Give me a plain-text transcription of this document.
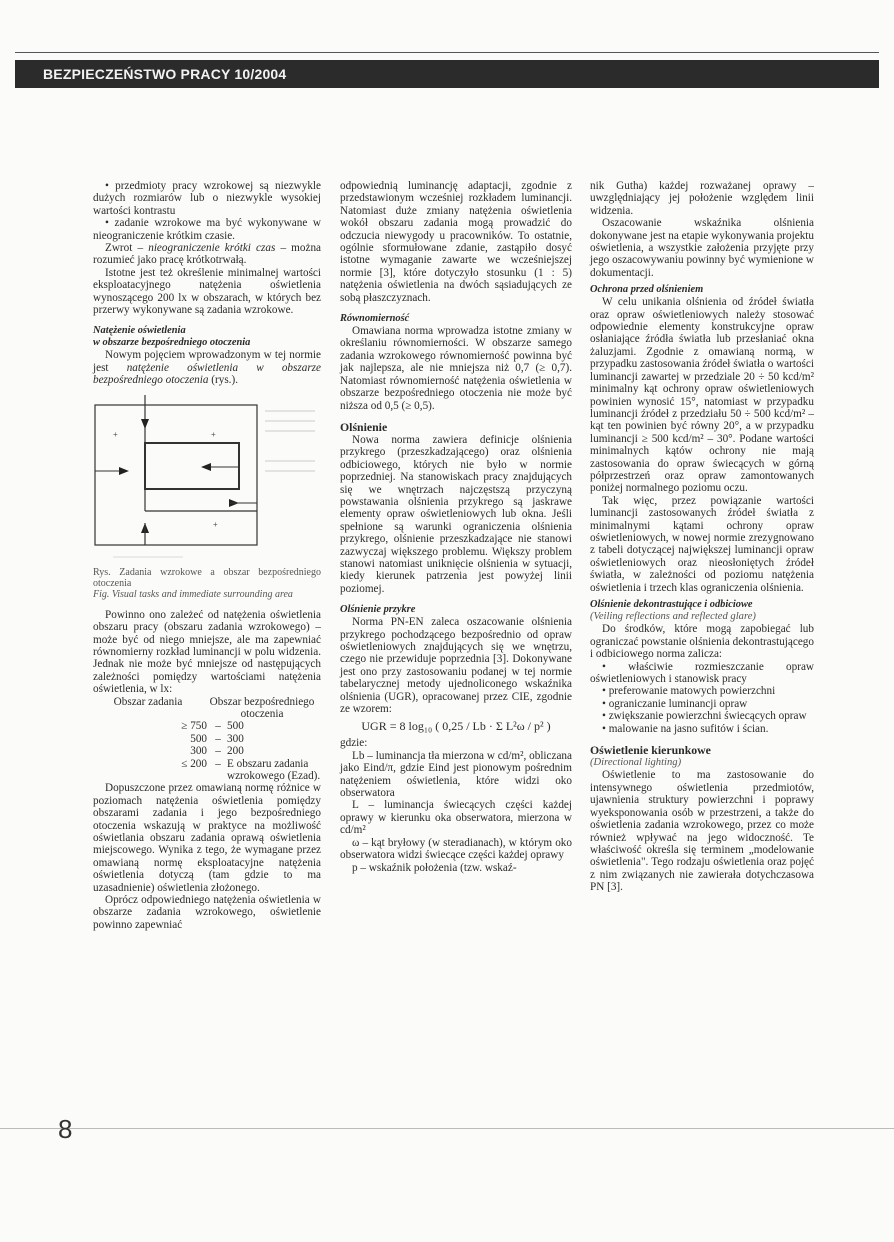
BEZPIECZEŃSTWO PRACY 10/2004

• przedmioty pracy wzrokowej są niezwykle dużych rozmiarów lub o niezwykle wysokiej wartości kontrastu

• zadanie wzrokowe ma być wykonywane w nieograniczenie krótkim czasie.

Zwrot – nieograniczenie krótki czas – można rozumieć jako pracę krótkotrwałą.

Istotne jest też określenie minimalnej wartości eksploatacyjnego natężenia oświetlenia wynoszącego 200 lx w obszarach, w których bez przerwy wykonywane są zadania wzrokowe.

Natężenie oświetlenia

w obszarze bezpośredniego otoczenia

Nowym pojęciem wprowadzonym w tej normie jest natężenie oświetlenia w obszarze bezpośredniego otoczenia (rys.).

+	+
+

Rys. Zadania wzrokowe a obszar bezpośredniego otoczenia

Fig. Visual tasks and immediate surrounding area

Powinno ono zależeć od natężenia oświetlenia obszaru pracy (obszaru zadania wzrokowego) – może być od niego mniejsze, ale ma zapewniać równomierny rozkład luminancji w polu widzenia. Jednak nie może być mniejsze od następujących zależności pomiędzy wartościami natężenia oświetlenia, w lx:

Obszar zadania	Obszar bezpośredniego otoczenia
≥ 750 – 500
500 – 300
300 – 200
≤ 200 – E obszaru zadania wzrokowego (Ezad).

Dopuszczone przez omawianą normę różnice w poziomach natężenia oświetlenia pomiędzy obszarami zadania i jego bezpośredniego otoczenia wskazują w praktyce na możliwość oświetlania obszaru zadania oprawą oświetlenia miejscowego. Wynika z tego, że wymagane przez omawianą normę eksploatacyjne natężenia oświetlenia dotyczą (tam gdzie to ma uzasadnienie) oświetlenia złożonego.

Oprócz odpowiedniego natężenia oświetlenia w obszarze zadania wzrokowego, oświetlenie powinno zapewniać

odpowiednią luminancję adaptacji, zgodnie z przedstawionym wcześniej rozkładem luminancji. Natomiast duże zmiany natężenia oświetlenia wokół obszaru zadania mogą prowadzić do odczucia niewygody u pracowników. To ostatnie, ogólnie sformułowane zdanie, zastąpiło dosyć istotne wymaganie zawarte we wcześniejszej normie [3], które dotyczyło stosunku (1 : 5) natężenia oświetlenia na dwóch sąsiadujących ze sobą płaszczyznach.

Równomierność

Omawiana norma wprowadza istotne zmiany w określaniu równomierności. W obszarze samego zadania wzrokowego równomierność powinna być jak najlepsza, ale nie mniejsza niż 0,7 (≥ 0,7). Natomiast równomierność natężenia oświetlenia w obszarze bezpośredniego otoczenia nie może być niższa od 0,5 (≥ 0,5).

Olśnienie

Nowa norma zawiera definicje olśnienia przykrego (przeszkadzającego) oraz olśnienia odbiciowego, których nie było w normie poprzedniej. Na stanowiskach pracy znajdujących się we wnętrzach najczęstszą przyczyną powstawania olśnienia przykrego są jaskrawe elementy opraw oświetleniowych lub okna. Jeśli spełnione są warunki ograniczenia olśnienia przykrego, olśnienie przeszkadzające nie stanowi zazwyczaj większego problemu. Większy problem stanowi natomiast uniknięcie olśnienia w sytuacji, kiedy kierunek patrzenia jest powyżej linii poziomej.

Olśnienie przykre

Norma PN-EN zaleca oszacowanie olśnienia przykrego pochodzącego bezpośrednio od opraw oświetleniowych znajdujących się we wnętrzu, czego nie przewiduje poprzednia [3]. Dokonywane jest ono przy zastosowaniu podanej w tej normie tabelarycznej metody ujednoliconego wskaźnika olśnienia (UGR), opracowanej przez CIE, zgodnie ze wzorem:

UGR = 8 log₁₀ ( 0,25 / Lb · Σ L²ω / p² )

gdzie:

Lb – luminancja tła mierzona w cd/m², obliczana jako Eind/π, gdzie Eind jest pionowym pośrednim natężeniem oświetlenia, które widzi oko obserwatora

L – luminancja świecących części każdej oprawy w kierunku oka obserwatora, mierzona w cd/m²

ω – kąt bryłowy (w steradianach), w którym oko obserwatora widzi świecące części każdej oprawy

p – wskaźnik położenia (tzw. wskaź-

nik Gutha) każdej rozważanej oprawy – uwzględniający jej położenie względem linii widzenia.

Oszacowanie wskaźnika olśnienia dokonywane jest na etapie wykonywania projektu oświetlenia, a wszystkie założenia przyjęte przy jego oszacowywaniu powinny być wymienione w dokumentacji.

Ochrona przed olśnieniem

W celu unikania olśnienia od źródeł światła oraz opraw oświetleniowych należy stosować odpowiednie elementy konstrukcyjne opraw osłaniające źródła światła lub przesłaniać okna żaluzjami. Zgodnie z omawianą normą, w przypadku zastosowania źródeł światła o wartości luminancji zawartej w przedziale 20 ÷ 50 kcd/m² minimalny kąt ochrony opraw oświetleniowych powinien wynosić 15°, natomiast w przypadku luminancji źródeł z przedziału 50 ÷ 500 kcd/m² – kąt ten powinien być równy 20°, a w przypadku luminancji ≥ 500 kcd/m² – 30°. Podane wartości minimalnych kątów ochrony nie mają zastosowania do opraw świecących w górną półprzestrzeń oraz opraw zamontowanych poniżej normalnego poziomu oczu.

Tak więc, przez powiązanie wartości luminancji zastosowanych źródeł światła z minimalnymi kątami ochrony opraw oświetleniowych, w nowej normie zrezygnowano z tabeli dotyczącej największej luminancji opraw oświetleniowych oraz nieosłoniętych źródeł światła, w zależności od poziomu natężenia oświetlenia i trzech klas ograniczenia olśnienia.

Olśnienie dekontrastujące i odbiciowe

(Veiling reflections and reflected glare)

Do środków, które mogą zapobiegać lub ograniczać powstanie olśnienia dekontrastującego i odbiciowego norma zalicza:

• właściwie rozmieszczanie opraw oświetleniowych i stanowisk pracy

• preferowanie matowych powierzchni

• ograniczanie luminancji opraw

• zwiększanie powierzchni świecących opraw

• malowanie na jasno sufitów i ścian.

Oświetlenie kierunkowe

(Directional lighting)

Oświetlenie to ma zastosowanie do intensywnego oświetlenia przedmiotów, ujawnienia struktury powierzchni i poprawy wyeksponowania osób w przestrzeni, a także do oświetlenia zadania wzrokowego, przez co może również wpływać na jego widoczność. Te właściwość określa się terminem „modelowanie oświetlenia". Tego rodzaju oświetlenia oraz pojęć z nim związanych nie zawierała dotychczasowa PN [3].

8
